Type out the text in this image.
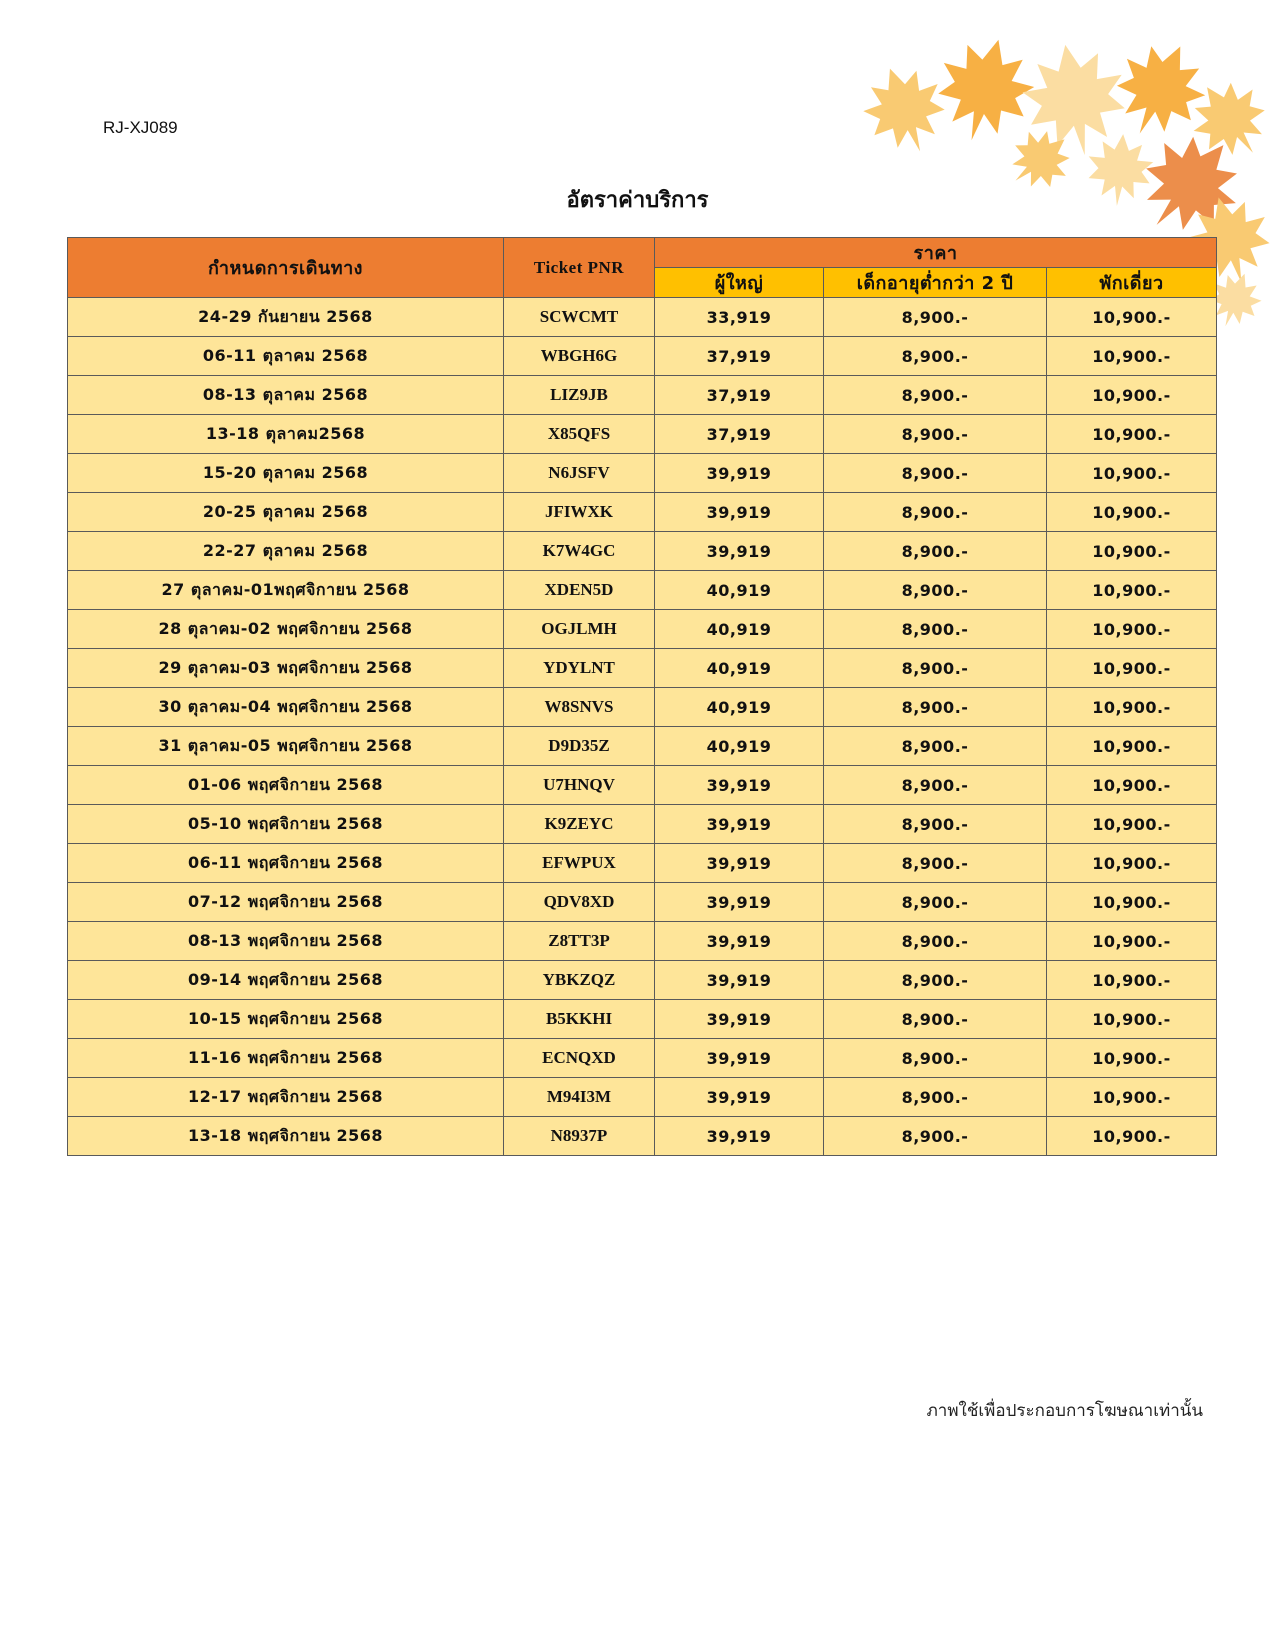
RJ-XJ089
อัตราค่าบริการ
กำหนดการเดินทาง	Ticket PNR	ราคา		
		ผู้ใหญ่	เด็กอายุต่ำกว่า 2 ปี	พักเดี่ยว
24-29 กันยายน 2568	SCWCMT	33,919	8,900.-	10,900.-
06-11 ตุลาคม 2568	WBGH6G	37,919	8,900.-	10,900.-
08-13 ตุลาคม 2568	LIZ9JB	37,919	8,900.-	10,900.-
13-18 ตุลาคม2568	X85QFS	37,919	8,900.-	10,900.-
15-20 ตุลาคม 2568	N6JSFV	39,919	8,900.-	10,900.-
20-25 ตุลาคม 2568	JFIWXK	39,919	8,900.-	10,900.-
22-27 ตุลาคม 2568	K7W4GC	39,919	8,900.-	10,900.-
27 ตุลาคม-01พฤศจิกายน 2568	XDEN5D	40,919	8,900.-	10,900.-
28 ตุลาคม-02 พฤศจิกายน 2568	OGJLMH	40,919	8,900.-	10,900.-
29 ตุลาคม-03 พฤศจิกายน 2568	YDYLNT	40,919	8,900.-	10,900.-
30 ตุลาคม-04 พฤศจิกายน 2568	W8SNVS	40,919	8,900.-	10,900.-
31 ตุลาคม-05 พฤศจิกายน 2568	D9D35Z	40,919	8,900.-	10,900.-
01-06 พฤศจิกายน 2568	U7HNQV	39,919	8,900.-	10,900.-
05-10 พฤศจิกายน 2568	K9ZEYC	39,919	8,900.-	10,900.-
06-11 พฤศจิกายน 2568	EFWPUX	39,919	8,900.-	10,900.-
07-12 พฤศจิกายน 2568	QDV8XD	39,919	8,900.-	10,900.-
08-13 พฤศจิกายน 2568	Z8TT3P	39,919	8,900.-	10,900.-
09-14 พฤศจิกายน 2568	YBKZQZ	39,919	8,900.-	10,900.-
10-15 พฤศจิกายน 2568	B5KKHI	39,919	8,900.-	10,900.-
11-16 พฤศจิกายน 2568	ECNQXD	39,919	8,900.-	10,900.-
12-17 พฤศจิกายน 2568	M94I3M	39,919	8,900.-	10,900.-
13-18 พฤศจิกายน 2568	N8937P	39,919	8,900.-	10,900.-
ภาพใช้เพื่อประกอบการโฆษณาเท่านั้น
